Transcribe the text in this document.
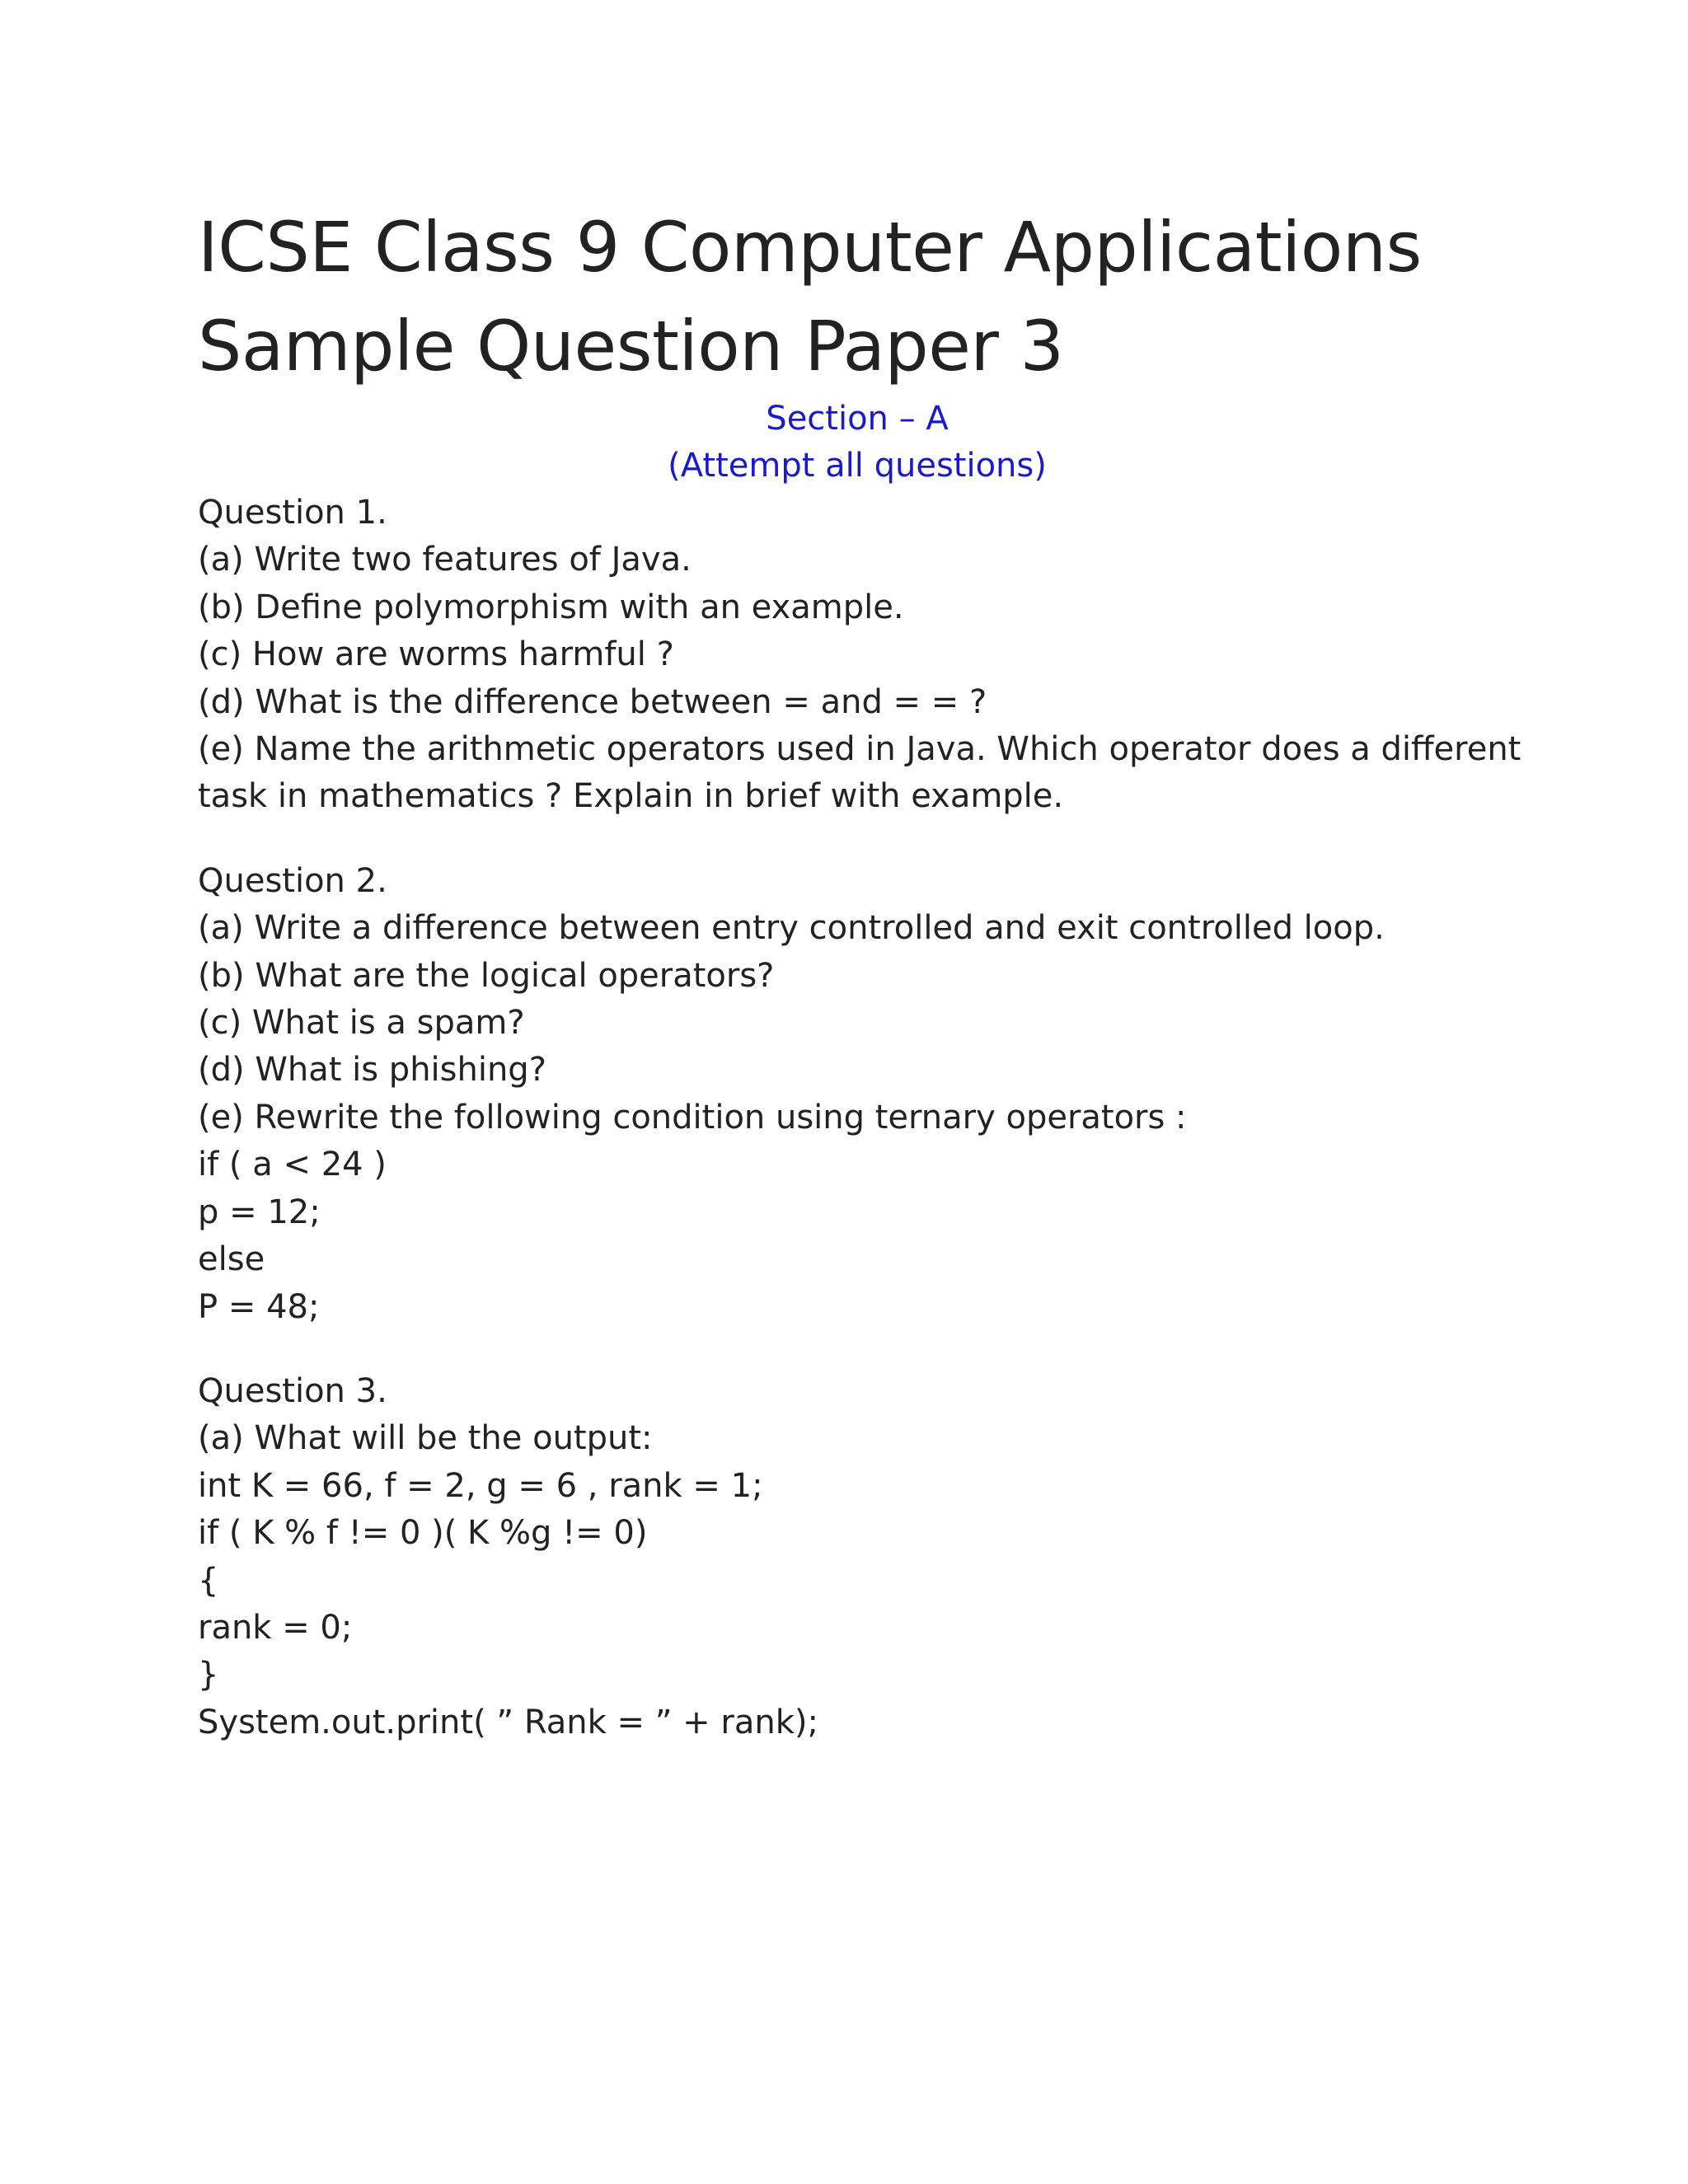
ICSE Class 9 Computer Applications
Sample Question Paper 3

Section – A

(Attempt all questions)

Question 1.

(a) Write two features of Java.

(b) Define polymorphism with an example.

(c) How are worms harmful ?

(d) What is the difference between = and = = ?

(e) Name the arithmetic operators used in Java. Which operator does a different

task in mathematics ? Explain in brief with example.

Question 2.

(a) Write a difference between entry controlled and exit controlled loop.

(b) What are the logical operators?

(c) What is a spam?

(d) What is phishing?

(e) Rewrite the following condition using ternary operators :

if ( a < 24 )

p = 12;

else

P = 48;

Question 3.

(a) What will be the output:

int K = 66, f = 2, g = 6 , rank = 1;

if ( K % f != 0 )( K %g != 0)

{

rank = 0;

}

System.out.print( ” Rank = ” + rank);
